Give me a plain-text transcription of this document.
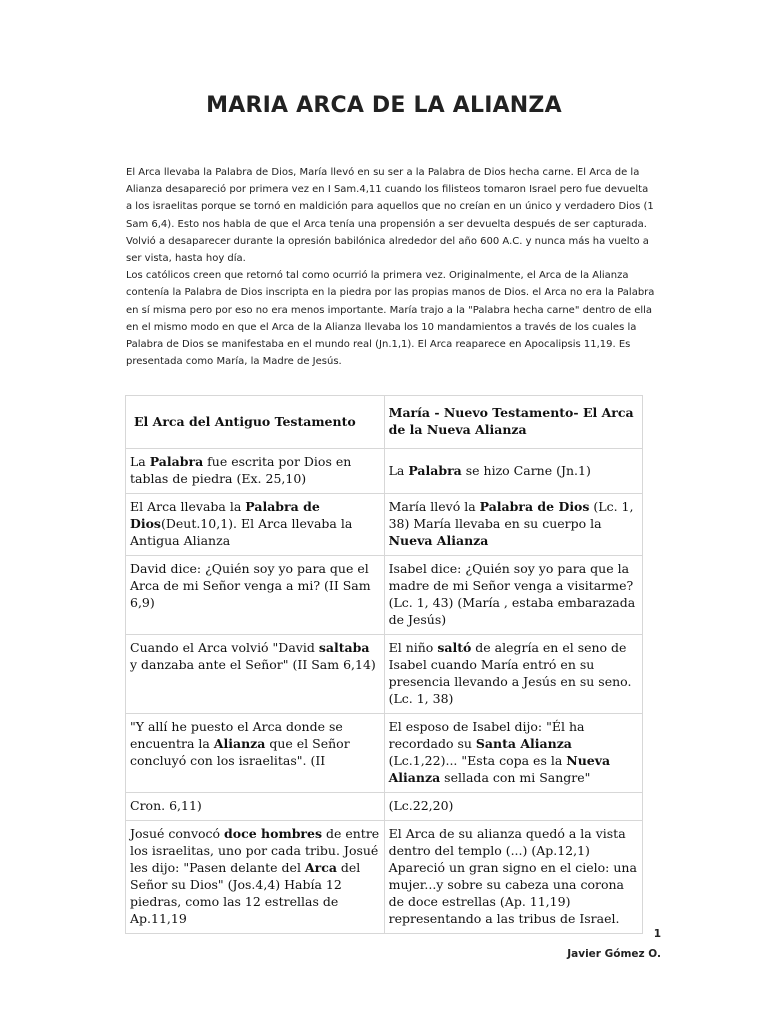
MARIA ARCA DE LA ALIANZA

El Arca llevaba la Palabra de Dios, María llevó en su ser a la Palabra de Dios hecha carne. El Arca de la Alianza desapareció por primera vez en I Sam.4,11 cuando los filisteos tomaron Israel pero fue devuelta a los israelitas porque se tornó en maldición para aquellos que no creían en un único y verdadero Dios (1 Sam 6,4). Esto nos habla de que el Arca tenía una propensión a ser devuelta después de ser capturada. Volvió a desaparecer durante la opresión babilónica alrededor del año 600 A.C. y nunca más ha vuelto a ser vista, hasta hoy día.

Los católicos creen que retornó tal como ocurrió la primera vez. Originalmente, el Arca de la Alianza contenía la Palabra de Dios inscripta en la piedra por las propias manos de Dios. el Arca no era la Palabra en sí misma pero por eso no era menos importante. María trajo a la "Palabra hecha carne" dentro de ella en el mismo modo en que el Arca de la Alianza llevaba los 10 mandamientos a través de los cuales la Palabra de Dios se manifestaba en el mundo real (Jn.1,1). El Arca reaparece en Apocalipsis 11,19. Es presentada como María, la Madre de Jesús.

El Arca del Antiguo Testamento	María - Nuevo Testamento- El Arca de la Nueva Alianza
La Palabra fue escrita por Dios en tablas de piedra (Ex. 25,10)	La Palabra se hizo Carne (Jn.1)
El Arca llevaba la Palabra de Dios(Deut.10,1). El Arca llevaba la Antigua Alianza	María llevó la Palabra de Dios (Lc. 1, 38) María llevaba en su cuerpo la Nueva Alianza
David dice: ¿Quién soy yo para que el Arca de mi Señor venga a mi? (II Sam 6,9)	Isabel dice: ¿Quién soy yo para que la madre de mi Señor venga a visitarme? (Lc. 1, 43) (María , estaba embarazada de Jesús)
Cuando el Arca volvió "David saltaba y danzaba ante el Señor" (II Sam 6,14)	El niño saltó de alegría en el seno de Isabel cuando María entró en su presencia llevando a Jesús en su seno. (Lc. 1, 38)
"Y allí he puesto el Arca donde se encuentra la Alianza que el Señor concluyó con los israelitas". (II	El esposo de Isabel dijo: "Él ha recordado su Santa Alianza (Lc.1,22)... "Esta copa es la Nueva Alianza sellada con mi Sangre"
Cron. 6,11)	(Lc.22,20)
Josué convocó doce hombres de entre los israelitas, uno por cada tribu. Josué les dijo: "Pasen delante del Arca del Señor su Dios" (Jos.4,4) Había 12 piedras, como las 12 estrellas de Ap.11,19	El Arca de su alianza quedó a la vista dentro del templo (...) (Ap.12,1) Apareció un gran signo en el cielo: una mujer...y sobre su cabeza una corona de doce estrellas (Ap. 11,19) representando a las tribus de Israel.
1
Javier Gómez O.
